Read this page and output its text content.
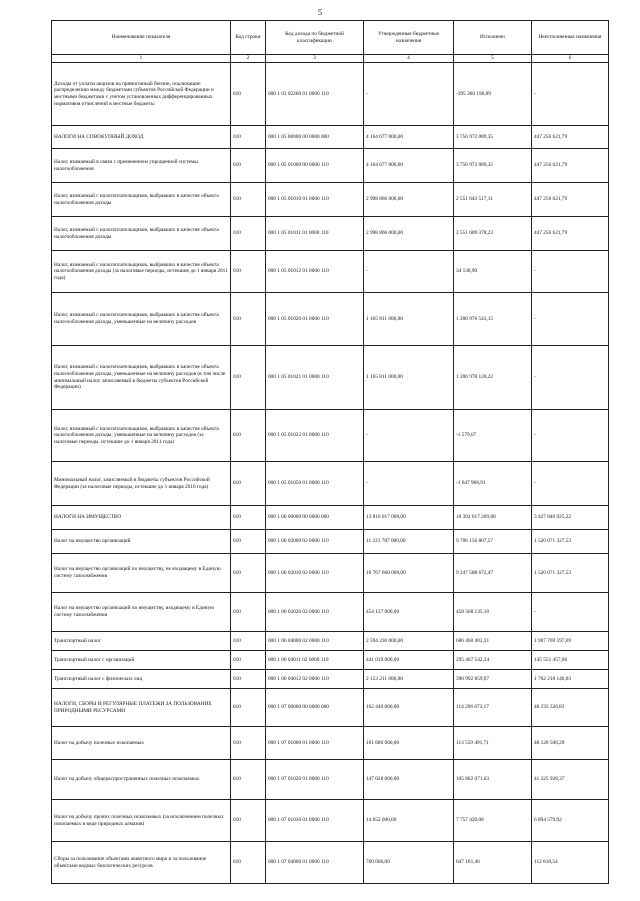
5
Наименование показателя	Код строки	Код дохода по бюджетной классификации	Утвержденные бюджетные назначения	Исполнено	Неисполненные назначения
1	2	3	4	5	6
Доходы от уплаты акцизов на прямогонный бензин, подлежащие распределению между бюджетами субъектов Российской Федерации и местными бюджетами с учетом установленных дифференцированных нормативов отчислений в местные бюджеты	010	000 1 03 02260 01 0000 110	-	-395 360 190,89	-
НАЛОГИ НА СОВОКУПНЫЙ ДОХОД	010	000 1 05 00000 00 0000 000	4 164 677 000,00	3 756 972 089,35	447 256 621,79
Налог, взимаемый в связи с применением упрощенной системы налогообложения	010	000 1 05 01000 00 0000 110	4 164 677 000,00	3 756 972 089,35	447 256 621,79
Налог, взимаемый с налогоплательщиков, выбравших в качестве объекта налогообложения доходы	010	000 1 05 01010 01 0000 110	2 998 866 000,00	2 551 643 517,11	447 256 621,79
Налог, взимаемый с налогоплательщиков, выбравших в качестве объекта налогообложения доходы	010	000 1 05 01011 01 0000 110	2 998 866 000,00	2 551 609 378,23	447 256 621,79
Налог, взимаемый с налогоплательщиков, выбравших в качестве объекта налогообложения доходы (за налоговые периоды, истекшие до 1 января 2011 года)	010	000 1 05 01012 01 0000 110	-	34 138,90	-
Налог, взимаемый с налогоплательщиков, выбравших в качестве объекта налогообложения доходы, уменьшенные на величину расходов	010	000 1 05 01020 01 0000 110	1 165 811 000,00	1 206 976 541,15	-
Налог, взимаемый с налогоплательщиков, выбравших в качестве объекта налогообложения доходы, уменьшенные на величину расходов (в том числе минимальный налог, зачисляемый в бюджеты субъектов Российской Федерации)	010	000 1 05 01021 01 0000 110	1 165 811 000,00	1 206 978 120,22	-
Налог, взимаемый с налогоплательщиков, выбравших в качестве объекта налогообложения доходы, уменьшенные на величину расходов (за налоговые периоды, истекшие до 1 января 2011 года)	010	000 1 05 01022 01 0000 110	-	-1 579,07	-
Минимальный налог, зачисляемый в бюджеты субъектов Российской Федерации (за налоговые периоды, истекшие до 1 января 2016 года)	010	000 1 05 01050 01 0000 110	-	-1 647 968,91	-
НАЛОГИ НА ИМУЩЕСТВО	010	000 1 06 00000 00 0000 000	13 816 017 000,00	10 392 617 209,88	3 427 840 925,22
Налог на имущество организаций	010	000 1 06 02000 02 0000 110	11 221 787 000,00	9 706 156 807,57	1 520 071 327,53
Налог на имущество организаций по имуществу, не входящему в Единую систему газоснабжения	010	000 1 06 02010 02 0000 110	10 767 660 000,00	9 247 588 672,47	1 520 071 327,53
Налог на имущество организаций по имуществу, входящему в Единую систему газоснабжения	010	000 1 06 02020 02 0000 110	454 127 000,00	458 568 135,10	-
Транспортный налог	010	000 1 06 04000 02 0000 110	2 594 230 000,00	686 460 402,31	1 907 769 597,69
Транспортный налог с организаций	010	000 1 06 04011 02 0000 110	441 019 000,00	295 467 542,34	145 551 457,66
Транспортный налог с физических лиц	010	000 1 06 04012 02 0000 110	2 153 211 000,00	390 992 859,97	1 762 218 140,03
НАЛОГИ, СБОРЫ И РЕГУЛЯРНЫЕ ПЛАТЕЖИ ЗА ПОЛЬЗОВАНИЕ ПРИРОДНЫМИ РЕСУРСАМИ	010	000 1 07 00000 00 0000 000	162 440 000,00	114 206 673,17	48 233 326,83
Налог на добычу полезных ископаемых	010	000 1 07 01000 01 0000 110	161 680 000,00	113 559 491,71	48 120 508,29
Налог на добычу общераспространенных полезных ископаемых	010	000 1 07 01020 01 0000 110	147 028 000,00	105 802 071,63	41 225 928,37
Налог на добычу прочих полезных ископаемых (за исключением полезных ископаемых в виде природных алмазов)	010	000 1 07 01030 01 0000 110	14 652 000,00	7 757 420,08	6 894 579,92
Сборы за пользование объектами животного мира и за пользование объектами водных биологических ресурсов	010	000 1 07 04000 01 0000 110	760 000,00	647 181,46	112 818,54
